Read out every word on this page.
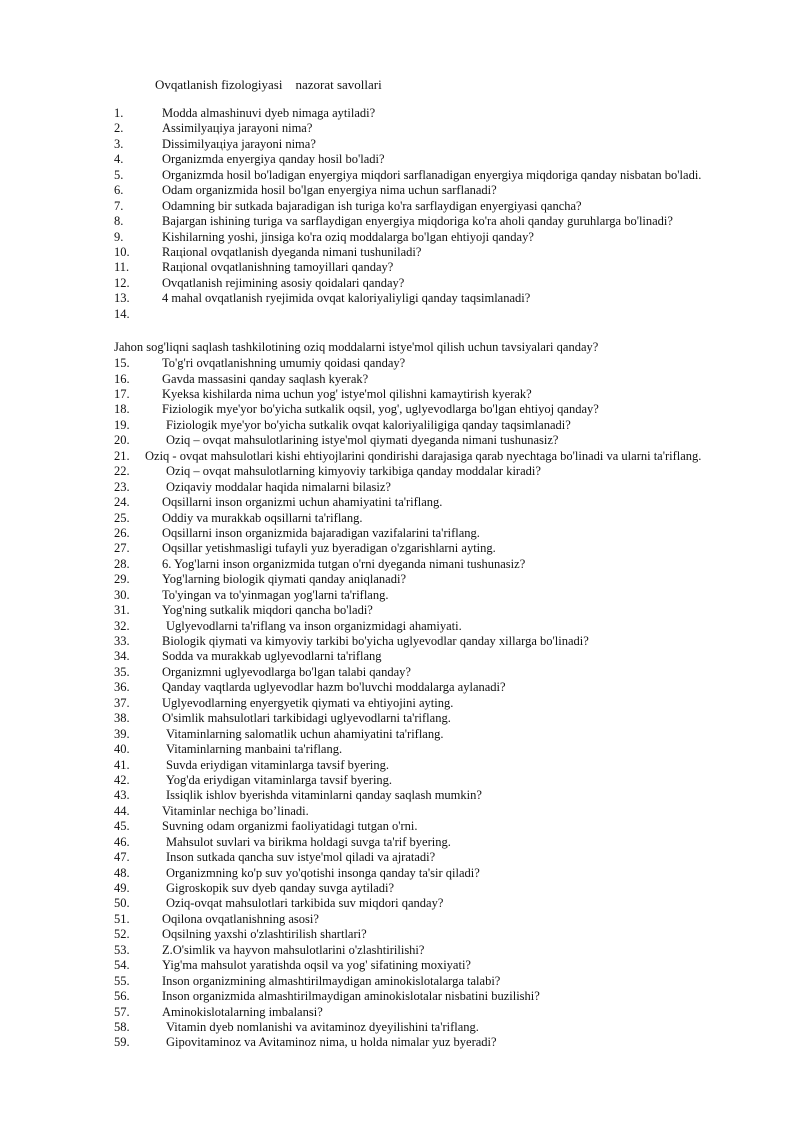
Ovqatlanish fizologiyasi    nazorat savollari
1.	Modda almashinuvi dyeb nimaga aytiladi?
2.	Assimilyaцiya jarayoni nima?
3.	Dissimilyaцiya jarayoni nima?
4.	Organizmda enyergiya qanday hosil bo'ladi?
5.	Organizmda hosil bo'ladigan enyergiya miqdori sarflanadigan enyergiya miqdoriga qanday nisbatan bo'ladi.
6.	Odam organizmida hosil bo'lgan enyergiya nima uchun sarflanadi?
7.	Odamning bir sutkada bajaradigan ish turiga ko'ra sarflaydigan enyergiyasi qancha?
8.	Bajargan ishining turiga va sarflaydigan enyergiya miqdoriga ko'ra aholi qanday guruhlarga bo'linadi?
9.	Kishilarning yoshi, jinsiga ko'ra oziq moddalarga bo'lgan ehtiyoji qanday?
10.	Raцional ovqatlanish dyeganda nimani tushuniladi?
11.	Raцional ovqatlanishning tamoyillari qanday?
12.	Ovqatlanish rejimining asosiy qoidalari qanday?
13.	4 mahal ovqatlanish ryejimida ovqat kaloriyaliyligi qanday taqsimlanadi?
14.
Jahon sog'liqni saqlash tashkilotining oziq moddalarni istye'mol qilish uchun tavsiyalari qanday?
15.	To'g'ri ovqatlanishning umumiy qoidasi qanday?
16.	Gavda massasini qanday saqlash kyerak?
17.	Kyeksa kishilarda nima uchun yog' istye'mol qilishni kamaytirish kyerak?
18.	Fiziologik mye'yor bo'yicha sutkalik oqsil, yog', uglyevodlarga bo'lgan ehtiyoj qanday?
19.	Fiziologik mye'yor bo'yicha sutkalik ovqat kaloriyaliligiga qanday taqsimlanadi?
20.	Oziq – ovqat mahsulotlarining istye'mol qiymati dyeganda nimani tushunasiz?
21. Oziq - ovqat mahsulotlari kishi ehtiyojlarini qondirishi darajasiga qarab nyechtaga bo'linadi va ularni ta'riflang.
22.	Oziq – ovqat mahsulotlarning kimyoviy tarkibiga qanday moddalar kiradi?
23.	Oziqaviy moddalar haqida nimalarni bilasiz?
24.	Oqsillarni inson organizmi uchun ahamiyatini ta'riflang.
25.	Oddiy va murakkab oqsillarni ta'riflang.
26.	Oqsillarni inson organizmida bajaradigan vazifalarini ta'riflang.
27.	Oqsillar yetishmasligi tufayli yuz byeradigan o'zgarishlarni ayting.
28.	6. Yog'larni inson organizmida tutgan o'rni dyeganda nimani tushunasiz?
29.	Yog'larning biologik qiymati qanday aniqlanadi?
30.	To'yingan va to'yinmagan yog'larni ta'riflang.
31.	Yog'ning sutkalik miqdori qancha bo'ladi?
32.	Uglyevodlarni ta'riflang va inson organizmidagi ahamiyati.
33.	Biologik qiymati va kimyoviy tarkibi bo'yicha uglyevodlar qanday xillarga bo'linadi?
34.	Sodda va murakkab uglyevodlarni ta'riflang
35.	Organizmni uglyevodlarga bo'lgan talabi qanday?
36.	Qanday vaqtlarda uglyevodlar hazm bo'luvchi moddalarga aylanadi?
37.	Uglyevodlarning enyergyetik qiymati va ehtiyojini ayting.
38.	O'simlik mahsulotlari tarkibidagi uglyevodlarni ta'riflang.
39.	Vitaminlarning salomatlik uchun ahamiyatini ta'riflang.
40.	Vitaminlarning manbaini ta'riflang.
41.	Suvda eriydigan vitaminlarga tavsif byering.
42.	Yog'da eriydigan vitaminlarga tavsif byering.
43.	Issiqlik ishlov byerishda vitaminlarni qanday saqlash mumkin?
44.	Vitaminlar nechiga bo’linadi.
45.	Suvning odam organizmi faoliyatidagi tutgan o'rni.
46.	Mahsulot suvlari va birikma holdagi suvga ta'rif byering.
47.	Inson sutkada qancha suv istye'mol qiladi va ajratadi?
48.	Organizmning ko'p suv yo'qotishi insonga qanday ta'sir qiladi?
49.	Gigroskopik suv dyeb qanday suvga aytiladi?
50.	Oziq-ovqat mahsulotlari tarkibida suv miqdori qanday?
51.	Oqilona ovqatlanishning asosi?
52.	Oqsilning yaxshi o'zlashtirilish shartlari?
53.	Z.O'simlik va hayvon mahsulotlarini o'zlashtirilishi?
54.	Yig'ma mahsulot yaratishda oqsil va yog' sifatining moxiyati?
55.	Inson organizmining almashtirilmaydigan aminokislotalarga talabi?
56.	Inson organizmida almashtirilmaydigan aminokislotalar nisbatini buzilishi?
57.	Aminokislotalarning imbalansi?
58.	Vitamin dyeb nomlanishi va avitaminoz dyeyilishini ta'riflang.
59.	Gipovitaminoz va Avitaminoz nima, u holda nimalar yuz byeradi?
